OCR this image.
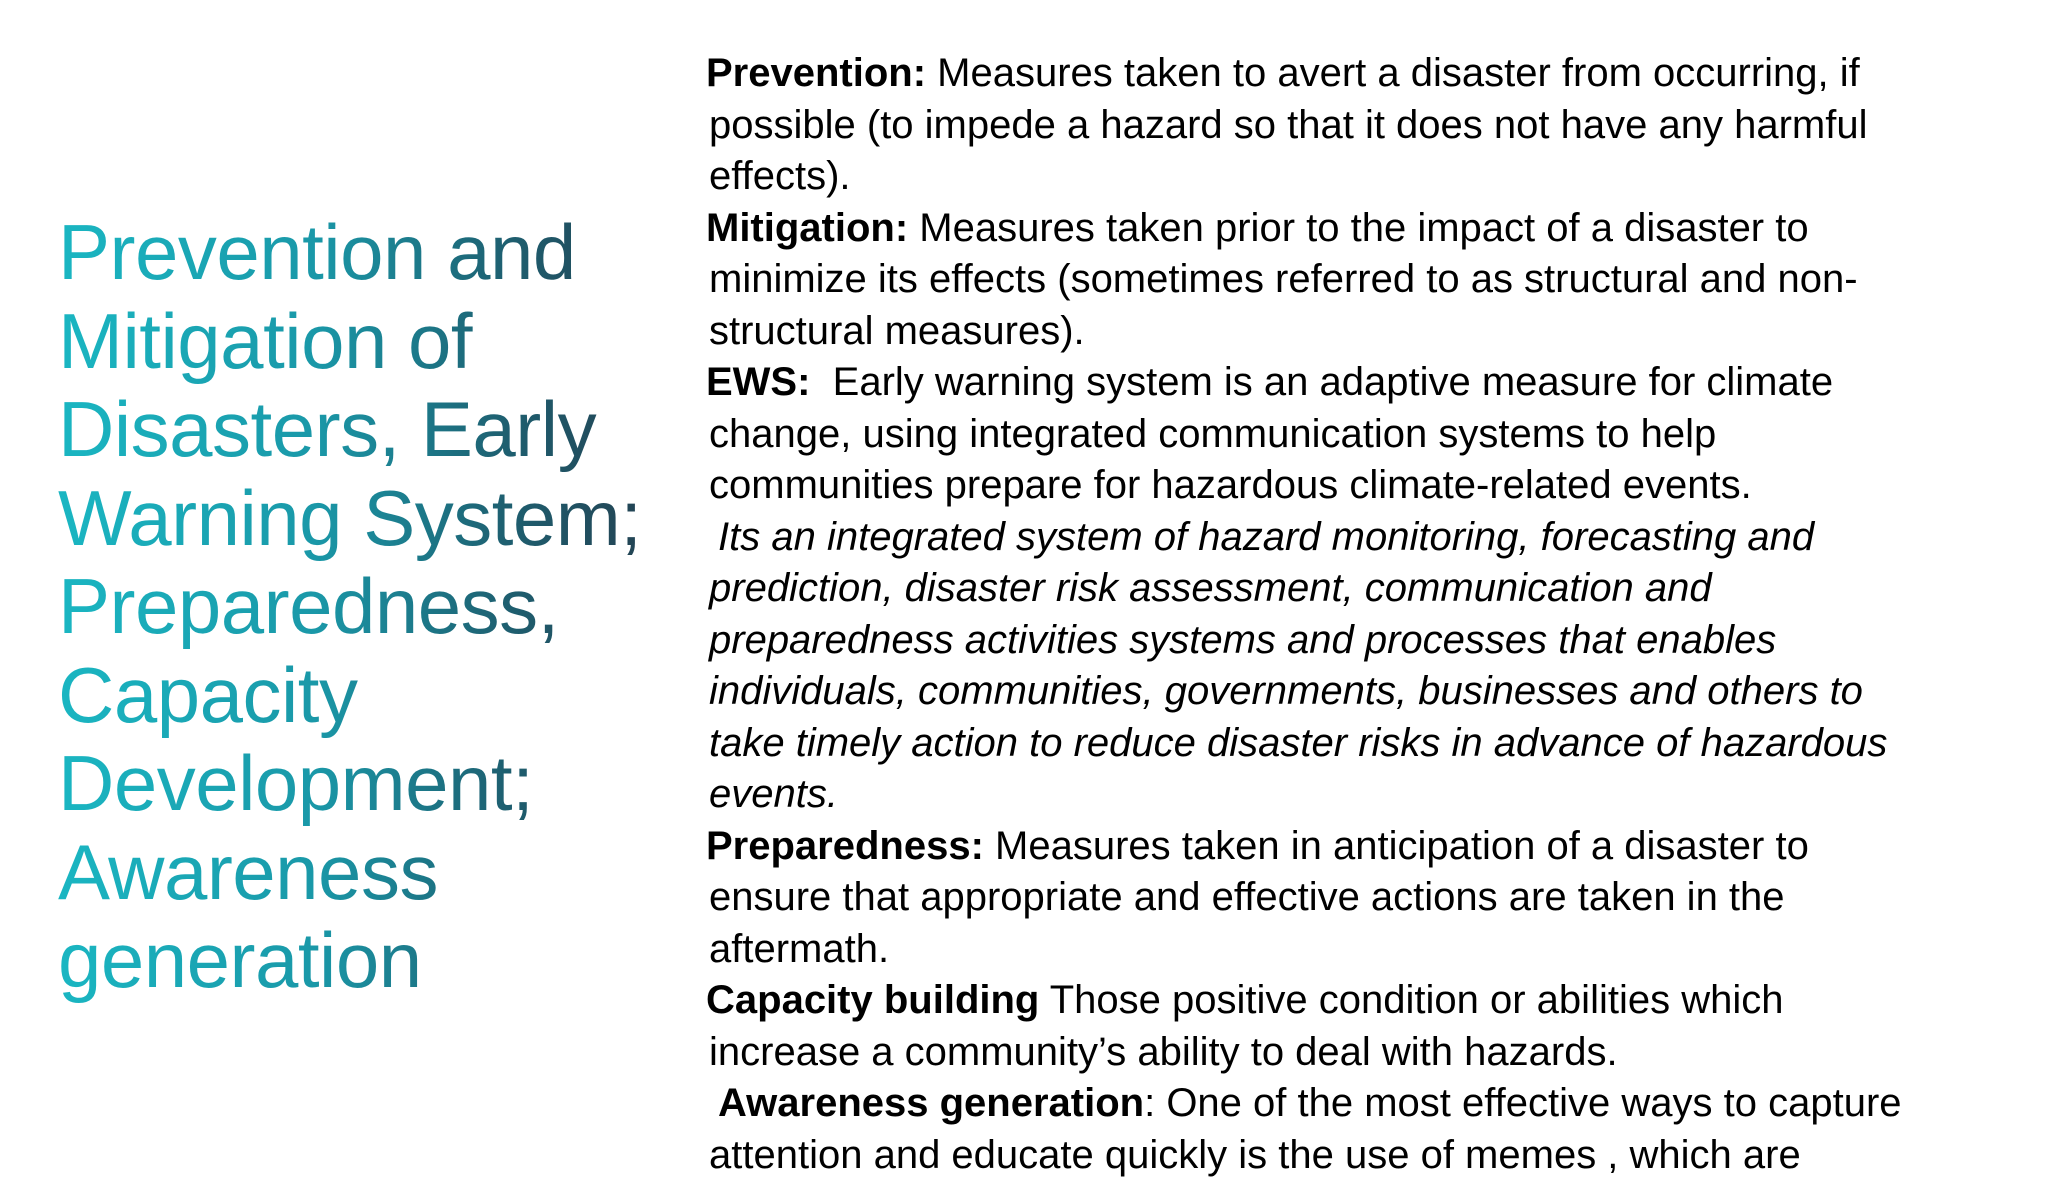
Prevention and
Mitigation of
Disasters, Early
Warning System;
Preparedness,
Capacity
Development;
Awareness
generation
Prevention: Measures taken to avert a disaster from occurring, if
possible (to impede a hazard so that it does not have any harmful
effects).
Mitigation: Measures taken prior to the impact of a disaster to
minimize its effects (sometimes referred to as structural and non-
structural measures).
EWS:  Early warning system is an adaptive measure for climate
change, using integrated communication systems to help
communities prepare for hazardous climate-related events.
Its an integrated system of hazard monitoring, forecasting and
prediction, disaster risk assessment, communication and
preparedness activities systems and processes that enables
individuals, communities, governments, businesses and others to
take timely action to reduce disaster risks in advance of hazardous
events.
Preparedness: Measures taken in anticipation of a disaster to
ensure that appropriate and effective actions are taken in the
aftermath.
Capacity building Those positive condition or abilities which
increase a community’s ability to deal with hazards.
Awareness generation: One of the most effective ways to capture
attention and educate quickly is the use of memes , which are
